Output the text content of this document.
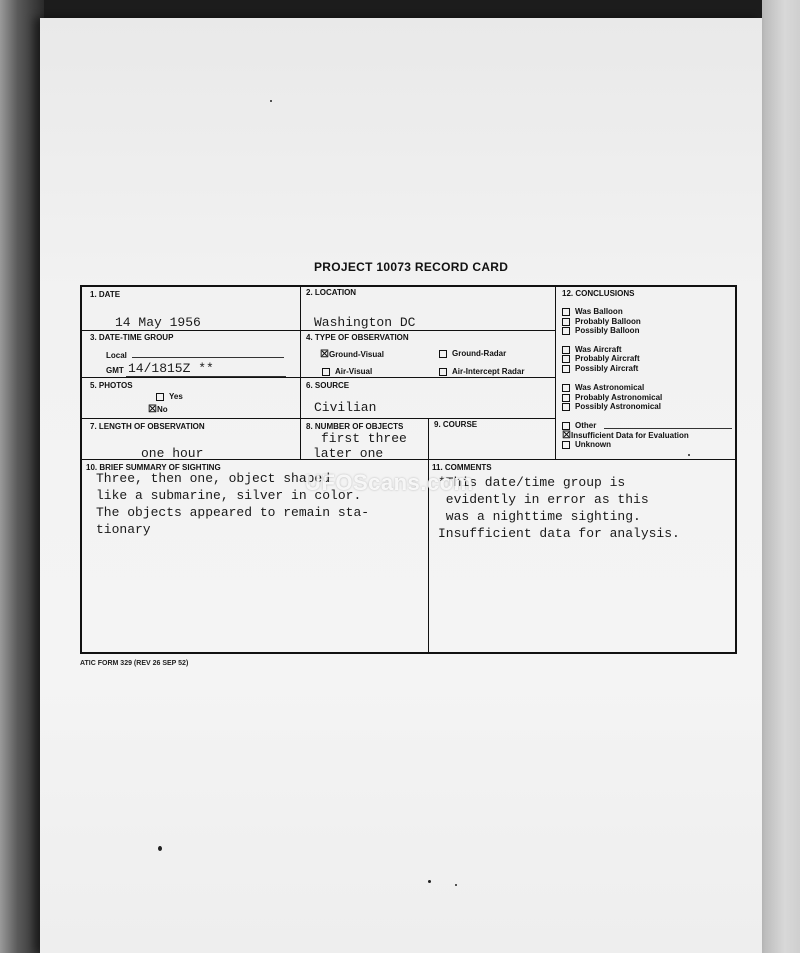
PROJECT 10073 RECORD CARD
1. DATE
14 May 1956
2. LOCATION
Washington DC
3. DATE-TIME GROUP
Local
GMT 14/1815Z **
4. TYPE OF OBSERVATION
☒Ground-Visual	Ground-Radar
Air-Visual	Air-Intercept Radar
5. PHOTOS
Yes
☒No
6. SOURCE
Civilian
7. LENGTH OF OBSERVATION
one hour
8. NUMBER OF OBJECTS
first three
later one
9. COURSE
12. CONCLUSIONS
Was Balloon
Probably Balloon
Possibly Balloon
Was Aircraft
Probably Aircraft
Possibly Aircraft
Was Astronomical
Probably Astronomical
Possibly Astronomical
Other
☒Insufficient Data for Evaluation
Unknown
10. BRIEF SUMMARY OF SIGHTING
Three, then one, object shaped
like a submarine, silver in color.
The objects appeared to remain sta-
tionary
11. COMMENTS
*This date/time group is
evidently in error as this
was a nighttime sighting.
Insufficient data for analysis.
UFOScans.com
ATIC FORM 329 (REV 26 SEP 52)
